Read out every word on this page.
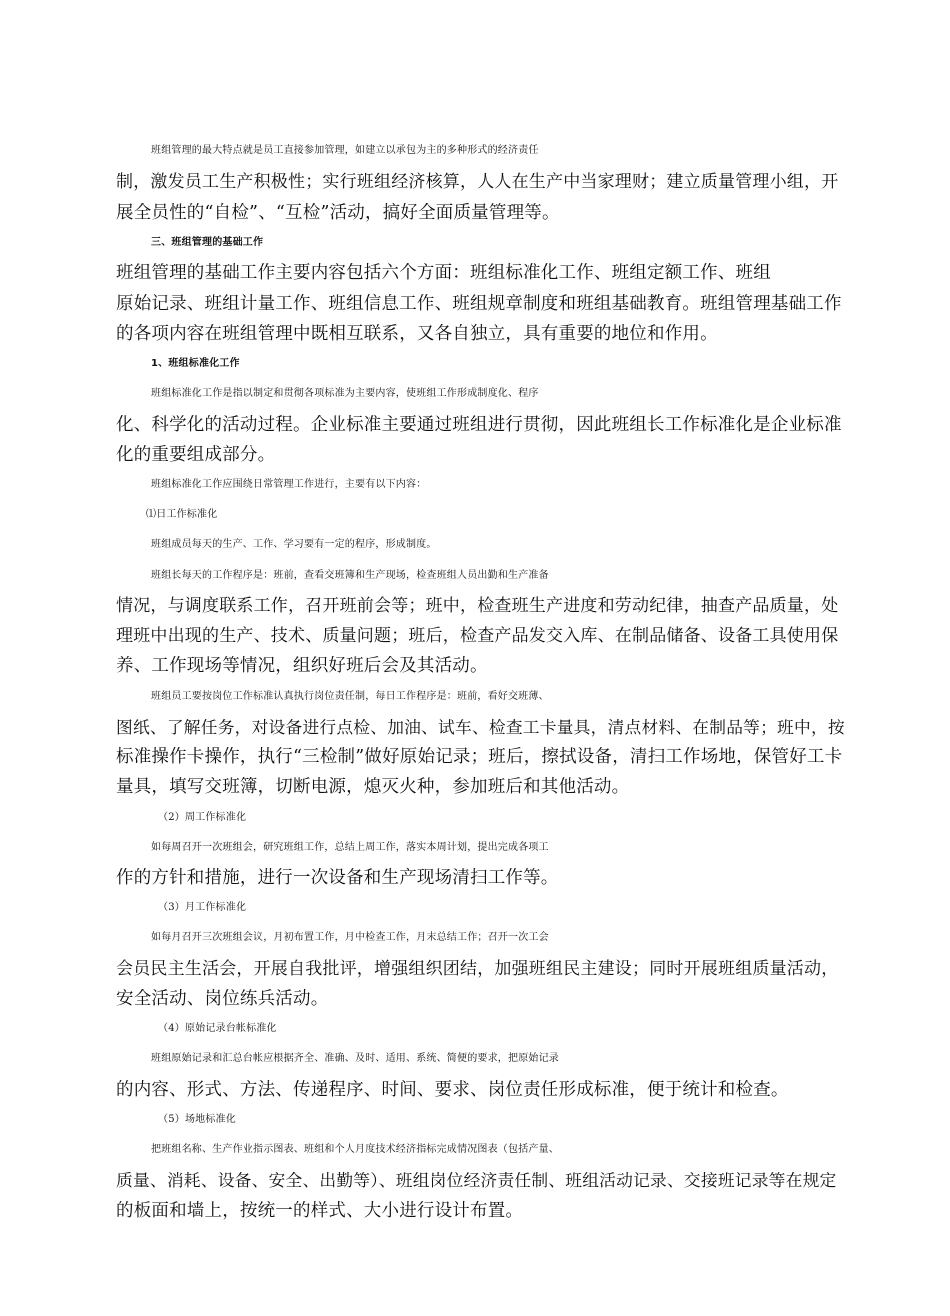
班组管理的最大特点就是员工直接参加管理，如建立以承包为主的多种形式的经济责任
制，激发员工生产积极性；实行班组经济核算，人人在生产中当家理财；建立质量管理小组，开
展全员性的“自检”、“互检”活动，搞好全面质量管理等。
三、班组管理的基础工作
班组管理的基础工作主要内容包括六个方面：班组标准化工作、班组定额工作、班组
原始记录、班组计量工作、班组信息工作、班组规章制度和班组基础教育。班组管理基础工作
的各项内容在班组管理中既相互联系，又各自独立，具有重要的地位和作用。
1、班组标准化工作
班组标准化工作是指以制定和贯彻各项标准为主要内容，使班组工作形成制度化、程序
化、科学化的活动过程。企业标准主要通过班组进行贯彻，因此班组长工作标准化是企业标准
化的重要组成部分。
班组标准化工作应围绕日常管理工作进行，主要有以下内容：
⑴日工作标准化
班组成员每天的生产、工作、学习要有一定的程序，形成制度。
班组长每天的工作程序是：班前，查看交班簿和生产现场，检查班组人员出勤和生产准备
情况，与调度联系工作，召开班前会等；班中，检查班生产进度和劳动纪律，抽查产品质量，处
理班中出现的生产、技术、质量问题；班后，检查产品发交入库、在制品储备、设备工具使用保
养、工作现场等情况，组织好班后会及其活动。
班组员工要按岗位工作标准认真执行岗位责任制，每日工作程序是：班前，看好交班薄、
图纸、了解任务，对设备进行点检、加油、试车、检查工卡量具，清点材料、在制品等；班中，按
标准操作卡操作，执行“三检制”做好原始记录；班后，擦拭设备，清扫工作场地，保管好工卡
量具，填写交班簿，切断电源，熄灭火种，参加班后和其他活动。
（2）周工作标准化
如每周召开一次班组会，研究班组工作，总结上周工作，落实本周计划，提出完成各项工
作的方针和措施，进行一次设备和生产现场清扫工作等。
（3）月工作标准化
如每月召开三次班组会议，月初布置工作，月中检查工作，月末总结工作；召开一次工会
会员民主生活会，开展自我批评，增强组织团结，加强班组民主建设；同时开展班组质量活动，
安全活动、岗位练兵活动。
（4）原始记录台帐标准化
班组原始记录和汇总台帐应根据齐全、准确、及时、适用、系统、简便的要求，把原始记录
的内容、形式、方法、传递程序、时间、要求、岗位责任形成标准，便于统计和检查。
（5）场地标准化
把班组名称、生产作业指示图表、班组和个人月度技术经济指标完成情况图表（包括产量、
质量、消耗、设备、安全、出勤等）、班组岗位经济责任制、班组活动记录、交接班记录等在规定
的板面和墙上，按统一的样式、大小进行设计布置。
